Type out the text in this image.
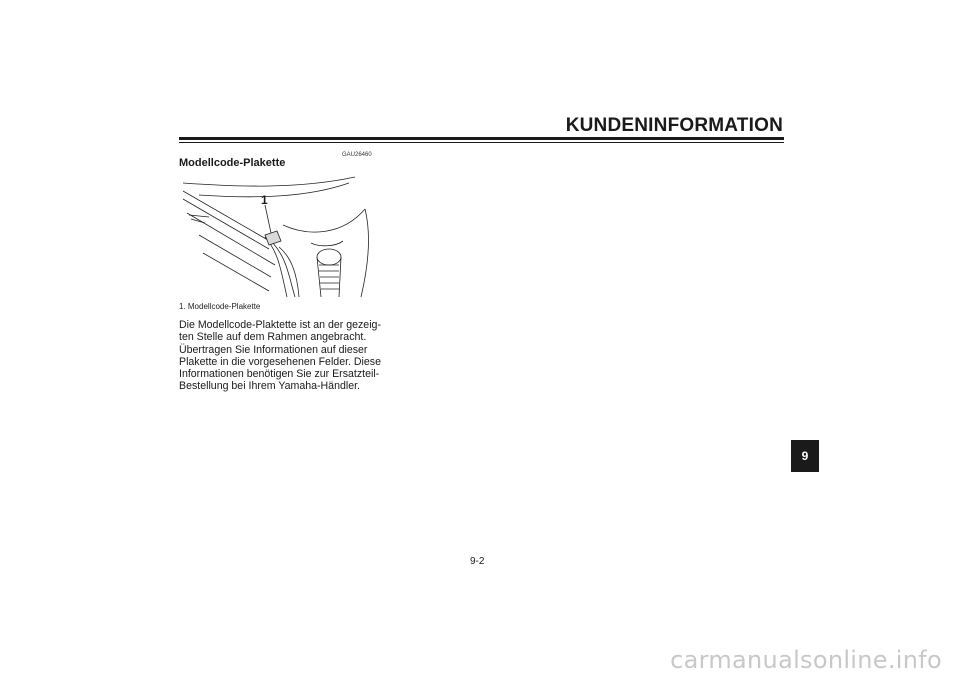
KUNDENINFORMATION
GAU26460
Modellcode-Plakette
1
1. Modellcode-Plakette
Die Modellcode-Plaktette ist an der gezeig-
ten Stelle auf dem Rahmen angebracht.
Übertragen Sie Informationen auf dieser
Plakette in die vorgesehenen Felder. Diese
Informationen benötigen Sie zur Ersatzteil-
Bestellung bei Ihrem Yamaha-Händler.
9
9-2
carmanualsonline.info
